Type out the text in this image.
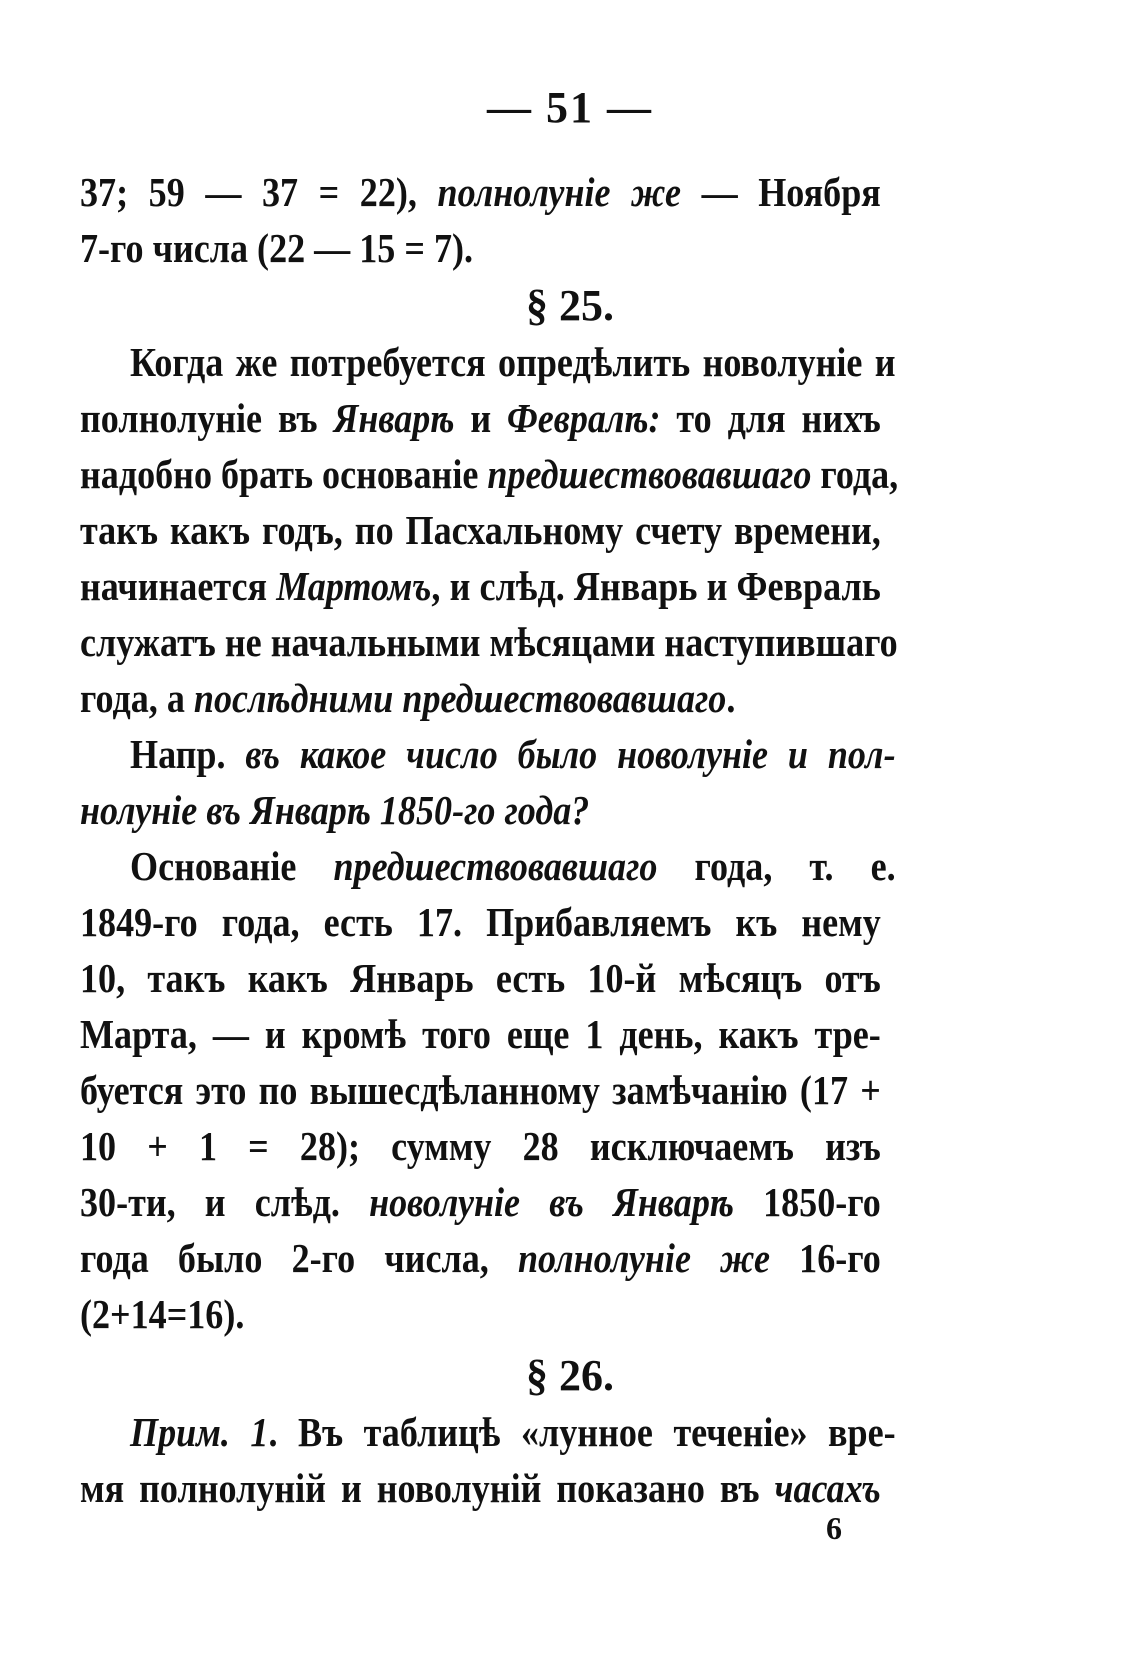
— 51 —
37; 59 — 37 = 22), полнолуніе же — Ноября
7-го числа (22 — 15 = 7).
§ 25.
Когда же потребуется опредѣлить новолуніе и
полнолуніе въ Январѣ и Февралѣ: то для нихъ
надобно брать основаніе предшествовавшаго года,
такъ какъ годъ, по Пасхальному счету времени,
начинается Мартомъ, и слѣд. Январь и Февраль
служатъ не начальными мѣсяцами наступившаго
года, а послѣдними предшествовавшаго.
Напр. въ какое число было новолуніе и пол-
нолуніе въ Январѣ 1850-го года?
Основаніе предшествовавшаго года, т. е.
1849-го года, есть 17. Прибавляемъ къ нему
10, такъ какъ Январь есть 10-й мѣсяцъ отъ
Марта, — и кромѣ того еще 1 день, какъ тре-
буется это по вышесдѣланному замѣчанію (17 +
10 + 1 = 28); сумму 28 исключаемъ изъ
30-ти, и слѣд. новолуніе въ Январѣ 1850-го
года было 2-го числа, полнолуніе же 16-го
(2+14=16).
§ 26.
Прим. 1. Въ таблицѣ «лунное теченіе» вре-
мя полнолуній и новолуній показано въ часахъ
6
